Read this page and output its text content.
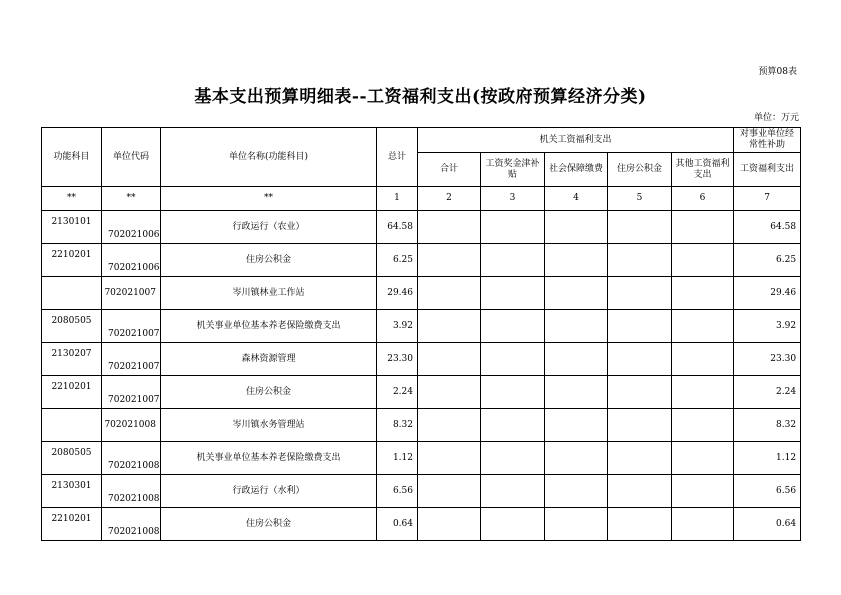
预算08表
基本支出预算明细表--工资福利支出(按政府预算经济分类)
单位：万元
功能科目	单位代码	单位名称(功能科目)	总计	机关工资福利支出					对事业单位经常性补助
				合计	工资奖金津补贴	社会保障缴费	住房公积金	其他工资福利支出	工资福利支出
**	**	**	1	2	3	4	5	6	7
2130101	702021006	行政运行（农业）	64.58						64.58
2210201	702021006	住房公积金	6.25						6.25
	702021007	岑川镇林业工作站	29.46						29.46
2080505	702021007	机关事业单位基本养老保险缴费支出	3.92						3.92
2130207	702021007	森林资源管理	23.30						23.30
2210201	702021007	住房公积金	2.24						2.24
	702021008	岑川镇水务管理站	8.32						8.32
2080505	702021008	机关事业单位基本养老保险缴费支出	1.12						1.12
2130301	702021008	行政运行（水利）	6.56						6.56
2210201	702021008	住房公积金	0.64						0.64
